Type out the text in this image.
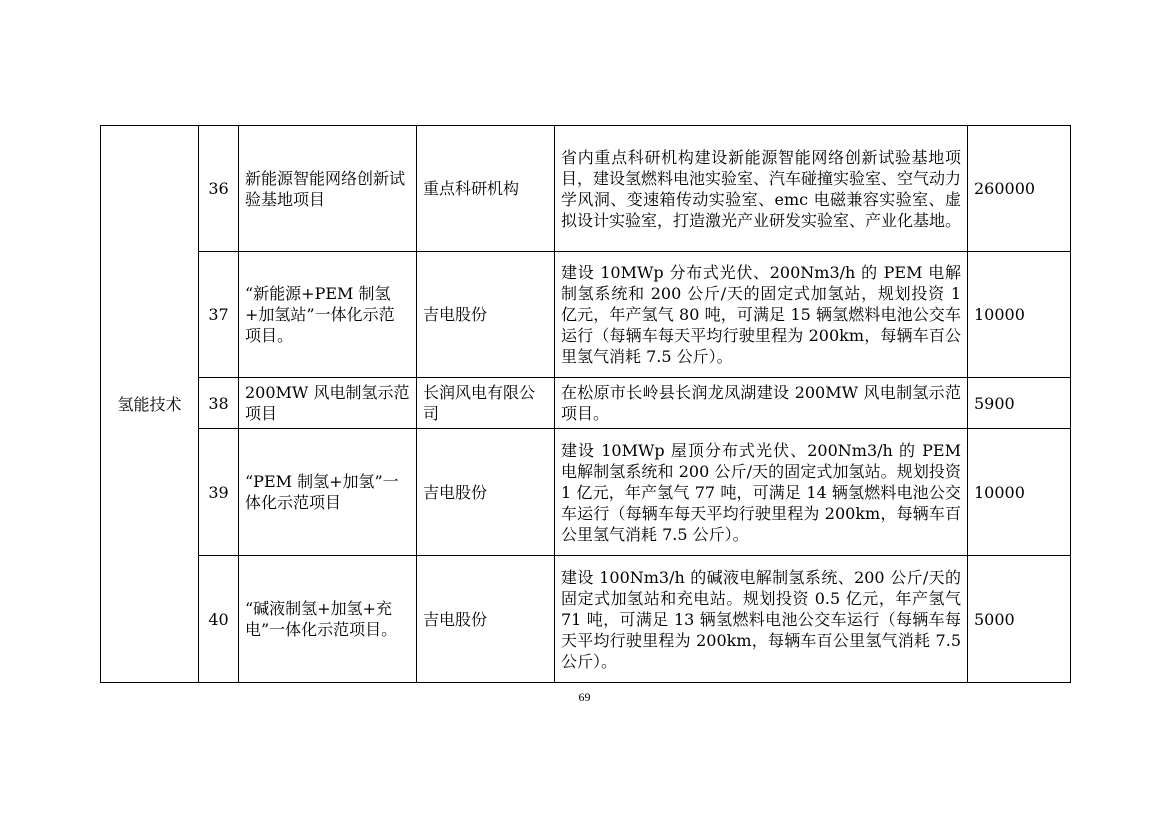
氢能技术	36	新能源智能网络创新试验基地项目	重点科研机构	省内重点科研机构建设新能源智能网络创新试验基地项目，建设氢燃料电池实验室、汽车碰撞实验室、空气动力学风洞、变速箱传动实验室、emc 电磁兼容实验室、虚拟设计实验室，打造激光产业研发实验室、产业化基地。	260000
	37	“新能源+PEM 制氢+加氢站”一体化示范项目。	吉电股份	建设 10MWp 分布式光伏、200Nm3/h 的 PEM 电解制氢系统和 200 公斤/天的固定式加氢站，规划投资 1 亿元，年产氢气 80 吨，可满足 15 辆氢燃料电池公交车运行（每辆车每天平均行驶里程为 200km，每辆车百公里氢气消耗 7.5 公斤）。	10000
	38	200MW 风电制氢示范项目	长润风电有限公司	在松原市长岭县长润龙凤湖建设 200MW 风电制氢示范项目。	5900
	39	“PEM 制氢+加氢”一体化示范项目	吉电股份	建设 10MWp 屋顶分布式光伏、200Nm3/h 的 PEM 电解制氢系统和 200 公斤/天的固定式加氢站。规划投资 1 亿元，年产氢气 77 吨，可满足 14 辆氢燃料电池公交车运行（每辆车每天平均行驶里程为 200km，每辆车百公里氢气消耗 7.5 公斤）。	10000
	40	“碱液制氢+加氢+充电”一体化示范项目。	吉电股份	建设 100Nm3/h 的碱液电解制氢系统、200 公斤/天的固定式加氢站和充电站。规划投资 0.5 亿元，年产氢气 71 吨，可满足 13 辆氢燃料电池公交车运行（每辆车每天平均行驶里程为 200km，每辆车百公里氢气消耗 7.5 公斤）。	5000
69
